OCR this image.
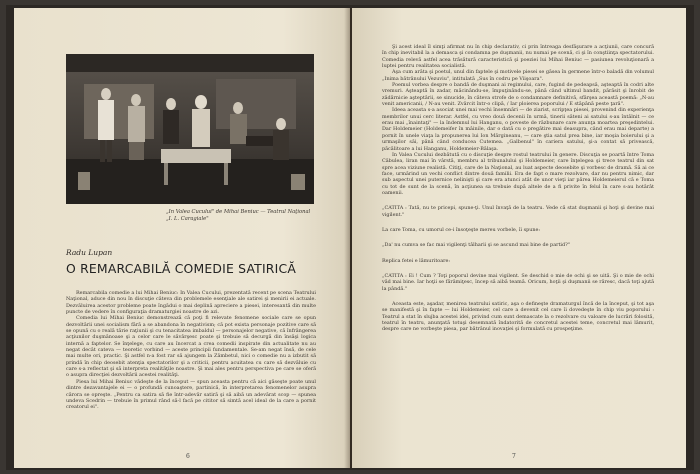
„In Valea Cucului" de Mihai Beniuc — Teatrul Naţional „I. L. Caragiale"
Radu Lupan
O REMARCABILĂ COMEDIE SATIRICĂ

Remarcabila comedie a lui Mihai Beniuc: In Valea Cucului, prezentată recent pe scena Teatrului Naţional, aduce din nou în discuţie câteva din problemele esenţiale ale satirei şi menirii ei actuale. Dezvăluirea acestor probleme poate îngădui o mai deplină apreciere a piesei, interesantă din multe puncte de vedere în configuraţia dramaturgiei noastre de azi.

Comedia lui Mihai Beniuc demonstrează că poţi fi relevate fenomene sociale care se opun dezvoltării unei socialism fără a se abandona în negativism; că pot exista personaje pozitive care să se opună cu o reală tărie raţiunii şi cu tenacitatea imbaldul — personajelor negative, că înfrângerea acţiunilor duşmănoase şi a celor care le săvârşesc poate şi trebuie să decurgă din însăşi logica internă a faptelor. Se înţelege, cu care au încercat a crea comedii inspirate din actualitate nu au negat decât cateva — teoretic vorbind — aceste principii fundamentale. Se-am negat însă, de cele mai multe ori, practic. Şi astfel n-a fost rar să ajungem la Zâmbetul, nici o comedie nu a izbutit să prindă în chip deosebit atenţia spectatorilor şi a criticii, pentru acuitatea cu care să dezvăluie cu care s-a reflectat şi să interpreta realităţile noastre. Şi mai ales pentru perspectiva pe care se oferă o asupra direcţiei dezvoltării acestei realităţi.

Piesa lui Mihai Beniuc vădeşte de la început — spun aceasta pentru că aici găseşte poate unul dintre dezavantajele ei — o profundă cunoaştere, partinică, în interpretarea fenomenelor asupra cărora se opreşte. „Pentru ca satira să fie într-adevăr satiră şi să aibă un adevărat scop — spunea undeva Scedrin — trebuie în primul rând să-l facă pe cititor să simtă acel ideal de la care a pornit creatorul ei".

6

Şi acest ideal îl simţi afirmat nu în chip declarativ, ci prin întreaga desfăşurare a acţiunii, care concură în chip inevitabil la a demasca şi condamna pe duşmanii, nu numai pe scenă, ci şi în conştiinţa spectatorului. Comedia relevă astfel acea trăsătură caracteristică şi poeziei lui Mihai Beniuc — pasiunea revoluţionară a luptei pentru realitatea socialistă.

Aşa cum arăta şi poetul, unul din faptele şi motivele piesei se găsea în germene într-o baladă din volumul „Inima bătrânului Vezuviu", intitulată „Sus în codru pe Viişoara".

Poemul vorbea despre o bandă de duşmani ai regimului, care, fugind de pedeapsă, aşteaptă în codri alte vremuri. Aşteaptă în zadar, măcinându-se, împuţinându-se, până când ultimul bandit, părăsit şi înrobit de zădărnicie aşteptării, se sinucide, în câteva strofe de o condamnare definitivă, sfârşea această poemă: „N-au venit americanii, / N-au venit. Zvârcit într-o clipă, / Iar ploierea poporului / E stăpână peste ţară".

Ideea aceasta s-a asociat unei mai vechi însemnări — de ziarist, scripţea piesei, provenind din experienţa membrilor unui cerc literar. Astfel, cu vreo două decenii în urmă, tinerii săteni ai satului s-au întâlnit — ce erau mai „înaintaţi" — la îndemnul lui Hanganu, o poveste de răzbunare care anunţa moartea preşedintelui. Dar Holdemeier (Holdemeifer în mâinile, dar o dată cu o pregătire mai deasupra, când erau mai departe) a pornit în unele viaţa la propunerea lui Ion Mărgineanu, — care ştia satul prea bine, iar moşia boierului şi a urmaşilor săi, până când conducea Cutemea. „Galbenul" în cariera satului, şi-a contat să privească, păcălitoare a lui Hanganu, Holdemeier-Bălaşa.

In Valea Cucului dezbătută cu o discuţie despre rostul teatrului în genere. Discuţia se poartă între Toma Căbulea, liran mai în vârstă, membru al tribunalului şi Holdemeier, care înţelegea şi trece teatrul din sat spre acea viziune realistă. Citiţi, care de la Naţional, au luat aspecte deosebite şi vorbesc de dramă. Să ai ce face, urmărind un vechi conflict dintre două familii. Era de fapt o mare rezolvare, dar nu pentru nimic, dar sub aspectul unei puternice nelinişti şi care era atunci atât de unor vieţi iar părea Holdemeierul că e Toma cu tot de sunt de la scenă, în acţiunea sa trebuie după altele de a fi privite în felul în care s-au hotărât oamenii.

„CATITA : Tată, nu te pricepi, spune-ţi. Unul învaţă de la teatru. Vede că stat duşmanii şi hoţi şi devine mai vigilent."

La care Toma, cu umorul ce-i însoţeşte mereu vorbele, îi spune:

„Da' nu cumva se fac mai vigilenţi tâlharii şi se ascund mai bine de partid?"

Replica fetei e lămuritoare:

„CATITA : Ei ! Cum ? Toţi poporul devine mai vigilent. Se deschid o mie de ochi şi se uită. Şi o mie de ochi văd mai bine. Iar hoţii se fărâmiţesc, încep să aibă teamă. Oricum, hoţii şi duşmanii se răresc, dacă toţi ajută la pândă."

Aceasta este, aşadar, menirea teatrului satiric, aşa o defineşte dramaturgul încă de la început, şi tot aşa se manifestă şi în fapte — lui Holdemeier, cel care a devenit cel care îi dovedeşte în chip viu poporului : Teatrul a stat în slujba acestei idei, privind cum sunt demascate la o rezolvare cu valoare de lucrări folosită, teatrul în teatru, anunţată totuşi desemnată îndatorită de concretul acestei teme, concretul mai lămurit, despre care ne vorbeşte piesa, par bătrânul inovaţiei şi formulată cu prospeţime.

7
